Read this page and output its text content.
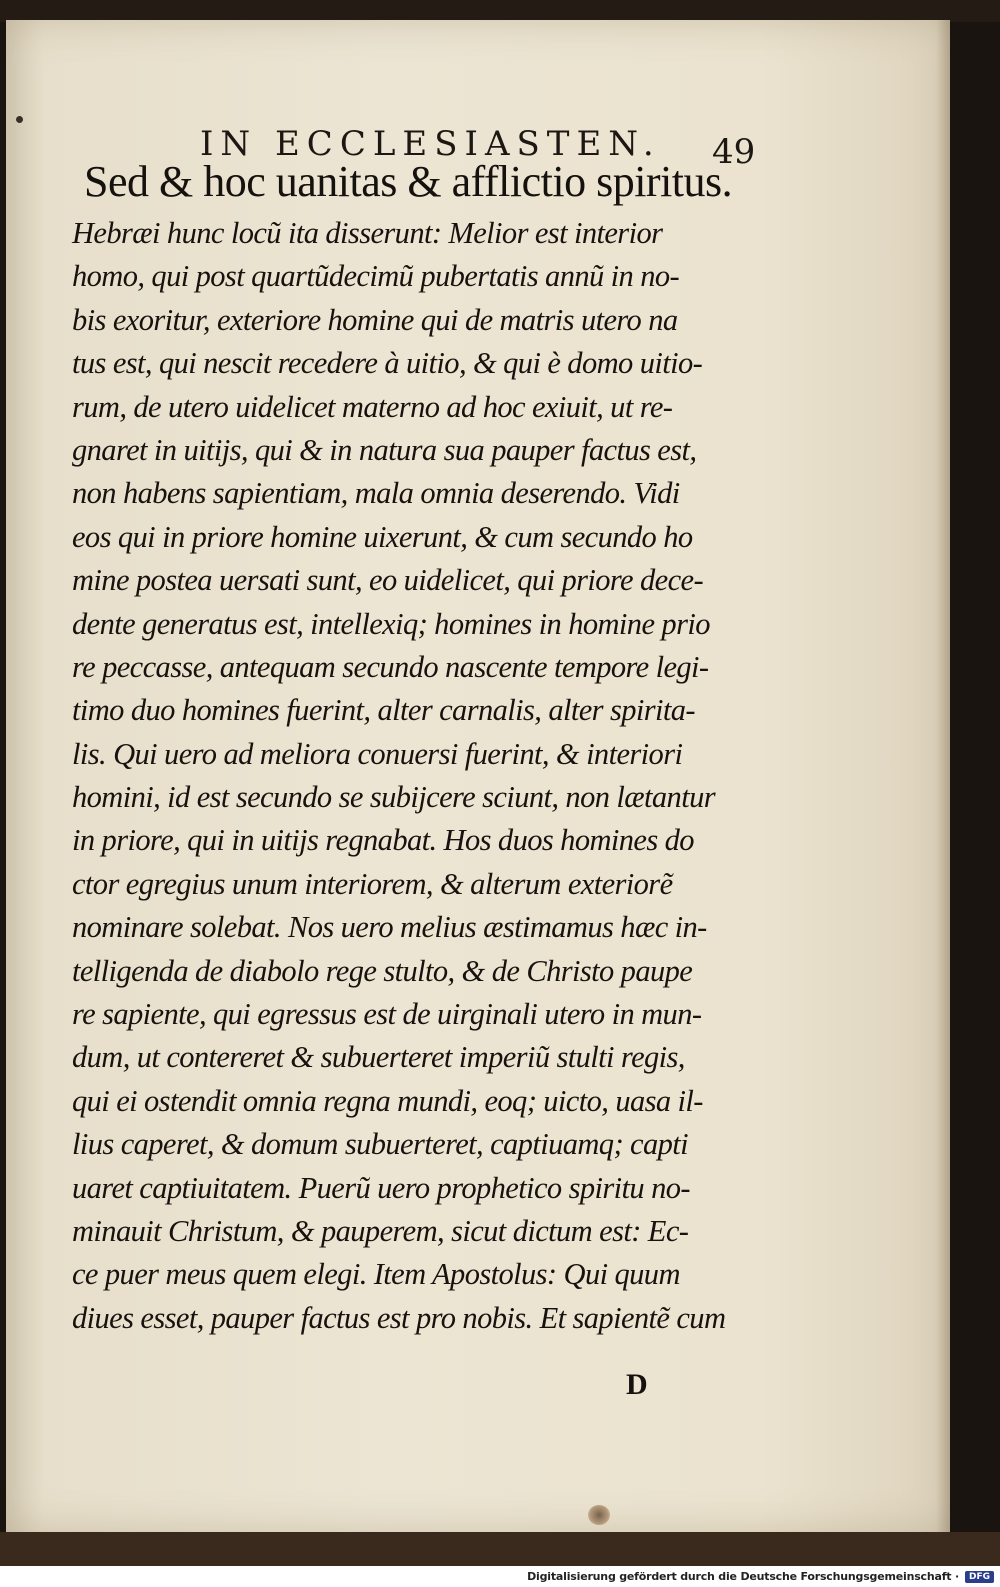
IN ECCLESIASTEN. 49
Sed & hoc uanitas & afflictio spiritus.
Hebræi hunc locũ ita disserunt: Melior est interior
homo, qui post quartũdecimũ pubertatis annũ in no-
bis exoritur, exteriore homine qui de matris utero na
tus est, qui nescit recedere à uitio, & qui è domo uitio-
rum, de utero uidelicet materno ad hoc exiuit, ut re-
gnaret in uitijs, qui & in natura sua pauper factus est,
non habens sapientiam, mala omnia deserendo. Vidi
eos qui in priore homine uixerunt, & cum secundo ho
mine postea uersati sunt, eo uidelicet, qui priore dece-
dente generatus est, intellexiq; homines in homine prio
re peccasse, antequam secundo nascente tempore legi-
timo duo homines fuerint, alter carnalis, alter spirita-
lis. Qui uero ad meliora conuersi fuerint, & interiori
homini, id est secundo se subijcere sciunt, non lætantur
in priore, qui in uitijs regnabat. Hos duos homines do
ctor egregius unum interiorem, & alterum exteriorẽ
nominare solebat. Nos uero melius æstimamus hæc in-
telligenda de diabolo rege stulto, & de Christo paupe
re sapiente, qui egressus est de uirginali utero in mun-
dum, ut contereret & subuerteret imperiũ stulti regis,
qui ei ostendit omnia regna mundi, eoq; uicto, uasa il-
lius caperet, & domum subuerteret, captiuamq; capti
uaret captiuitatem. Puerũ uero prophetico spiritu no-
minauit Christum, & pauperem, sicut dictum est: Ec-
ce puer meus quem elegi. Item Apostolus: Qui quum
diues esset, pauper factus est pro nobis. Et sapientẽ cum
D
Digitalisierung gefördert durch die Deutsche Forschungsgemeinschaft ·	DFG
